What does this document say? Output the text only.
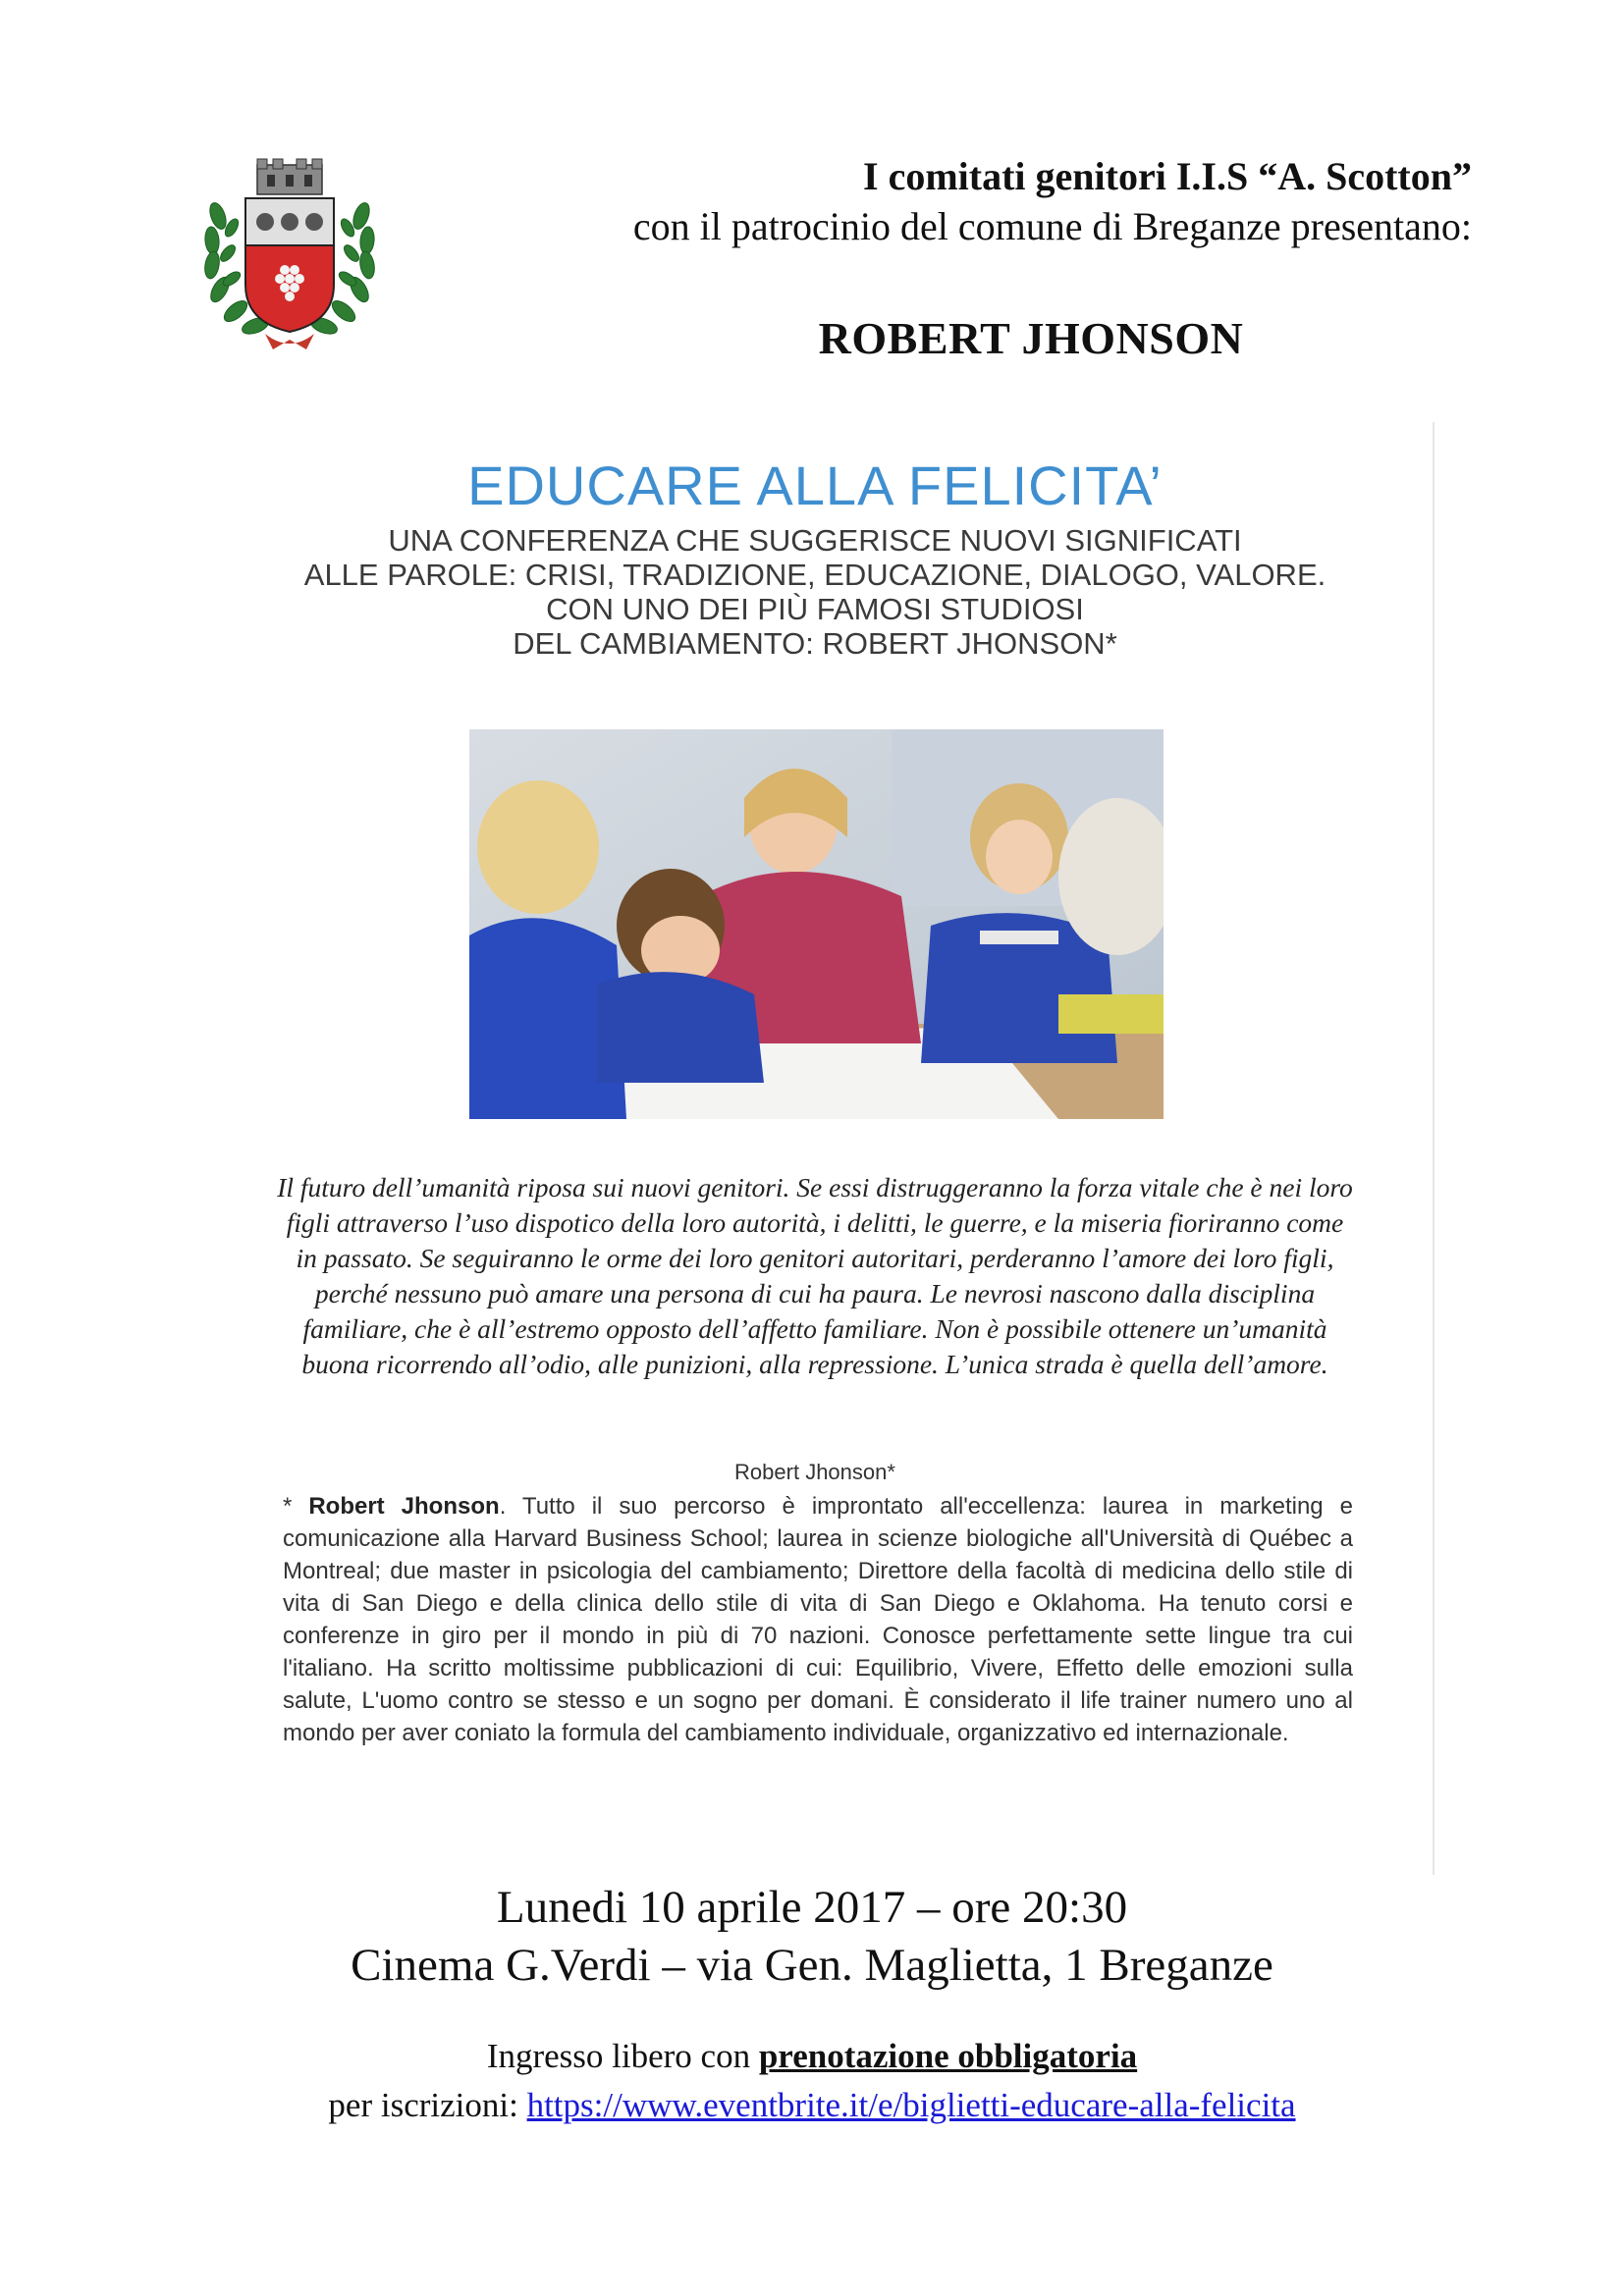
I comitati genitori I.I.S “A. Scotton”
con il patrocinio del comune di Breganze presentano:
ROBERT JHONSON
EDUCARE ALLA FELICITA’
UNA CONFERENZA CHE SUGGERISCE NUOVI SIGNIFICATI
ALLE PAROLE: CRISI, TRADIZIONE, EDUCAZIONE, DIALOGO, VALORE.
CON UNO DEI PIÙ FAMOSI STUDIOSI
DEL CAMBIAMENTO: ROBERT JHONSON*
Il futuro dell’umanità riposa sui nuovi genitori. Se essi distruggeranno la forza vitale che è nei loro figli attraverso l’uso dispotico della loro autorità, i delitti, le guerre, e la miseria fioriranno come in passato. Se seguiranno le orme dei loro genitori autoritari, perderanno l’amore dei loro figli, perché nessuno può amare una persona di cui ha paura. Le nevrosi nascono dalla disciplina familiare, che è all’estremo opposto dell’affetto familiare. Non è possibile ottenere un’umanità buona ricorrendo all’odio, alle punizioni, alla repressione. L’unica strada è quella dell’amore.
Robert Jhonson*
* Robert Jhonson. Tutto il suo percorso è improntato all'eccellenza: laurea in marketing e comunicazione alla Harvard Business School; laurea in scienze biologiche all'Università di Québec a Montreal; due master in psicologia del cambiamento; Direttore della facoltà di medicina dello stile di vita di San Diego e della clinica dello stile di vita di San Diego e Oklahoma. Ha tenuto corsi e conferenze in giro per il mondo in più di 70 nazioni. Conosce perfettamente sette lingue tra cui l'italiano. Ha scritto moltissime pubblicazioni di cui: Equilibrio, Vivere, Effetto delle emozioni sulla salute, L'uomo contro se stesso e un sogno per domani. È considerato il life trainer numero uno al mondo per aver coniato la formula del cambiamento individuale, organizzativo ed internazionale.
Lunedi 10 aprile 2017 – ore 20:30
Cinema G.Verdi – via Gen. Maglietta, 1 Breganze
Ingresso libero con prenotazione obbligatoria
per iscrizioni: https://www.eventbrite.it/e/biglietti-educare-alla-felicita
